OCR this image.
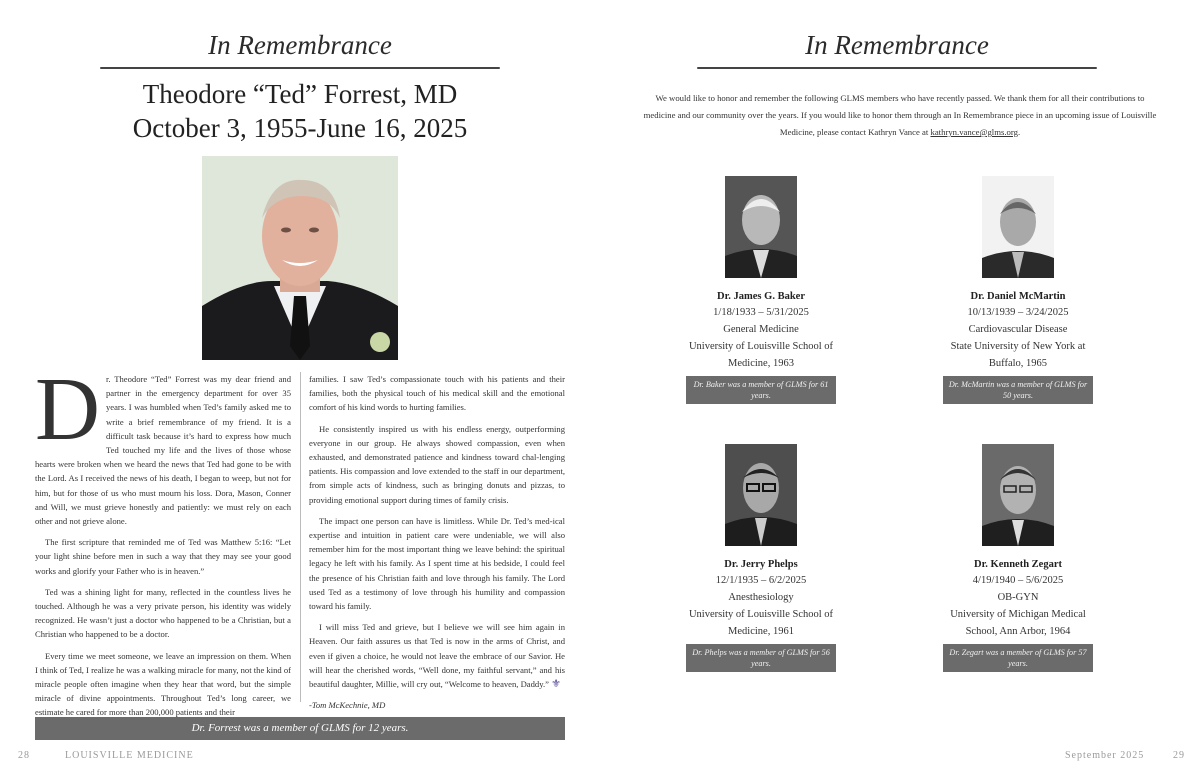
In Remembrance
Theodore “Ted” Forrest, MD
October 3, 1955-June 16, 2025

Dr. Theodore “Ted” Forrest was my dear friend and partner in the emergency department for over 35 years. I was humbled when Ted’s family asked me to write a brief remembrance of my friend. It is a difficult task because it’s hard to express how much Ted touched my life and the lives of those whose hearts were broken when we heard the news that Ted had gone to be with the Lord. As I received the news of his death, I began to weep, but not for him, but for those of us who must mourn his loss. Dora, Mason, Conner and Will, we must grieve honestly and patiently: we must rely on each other and not grieve alone.

The first scripture that reminded me of Ted was Matthew 5:16: “Let your light shine before men in such a way that they may see your good works and glorify your Father who is in heaven.”

Ted was a shining light for many, reflected in the countless lives he touched. Although he was a very private person, his identity was widely recognized. He wasn’t just a doctor who happened to be a Christian, but a Christian who happened to be a doctor.

Every time we meet someone, we leave an impression on them. When I think of Ted, I realize he was a walking miracle for many, not the kind of miracle people often imagine when they hear that word, but the simple miracle of divine appointments. Throughout Ted’s long career, we estimate he cared for more than 200,000 patients and their

families. I saw Ted’s compassionate touch with his patients and their families, both the physical touch of his medical skill and the emotional comfort of his kind words to hurting families.

He consistently inspired us with his endless energy, outperforming everyone in our group. He always showed compassion, even when exhausted, and demonstrated patience and kindness toward chal-lenging patients. His compassion and love extended to the staff in our department, from simple acts of kindness, such as bringing donuts and pizzas, to providing emotional support during times of family crisis.

The impact one person can have is limitless. While Dr. Ted’s med-ical expertise and intuition in patient care were undeniable, we will also remember him for the most important thing we leave behind: the spiritual legacy he left with his family. As I spent time at his bedside, I could feel the presence of his Christian faith and love through his family. The Lord used Ted as a testimony of love through his humility and compassion toward his family.

I will miss Ted and grieve, but I believe we will see him again in Heaven. Our faith assures us that Ted is now in the arms of Christ, and even if given a choice, he would not leave the embrace of our Savior. He will hear the cherished words, “Well done, my faithful servant,” and his beautiful daughter, Millie, will cry out, “Welcome to heaven, Daddy.” ⚜

-Tom McKechnie, MD

Dr. Forrest was a member of GLMS for 12 years.
28	LOUISVILLE MEDICINE
In Remembrance
September 2025	29
We would like to honor and remember the following GLMS members who have recently passed. We thank them for all their contributions to medicine and our community over the years. If you would like to honor them through an In Remembrance piece in an upcoming issue of Louisville Medicine, please contact Kathryn Vance at kathryn.vance@glms.org.
Dr. James G. Baker
1/18/1933 – 5/31/2025
General Medicine
University of Louisville School of Medicine, 1963
Dr. Baker was a member of GLMS for 61 years.
Dr. Daniel McMartin
10/13/1939 – 3/24/2025
Cardiovascular Disease
State University of New York at Buffalo, 1965
Dr. McMartin was a member of GLMS for 50 years.
Dr. Jerry Phelps
12/1/1935 – 6/2/2025
Anesthesiology
University of Louisville School of Medicine, 1961
Dr. Phelps was a member of GLMS for 56 years.
Dr. Kenneth Zegart
4/19/1940 – 5/6/2025
OB-GYN
University of Michigan Medical School, Ann Arbor, 1964
Dr. Zegart was a member of GLMS for 57 years.
